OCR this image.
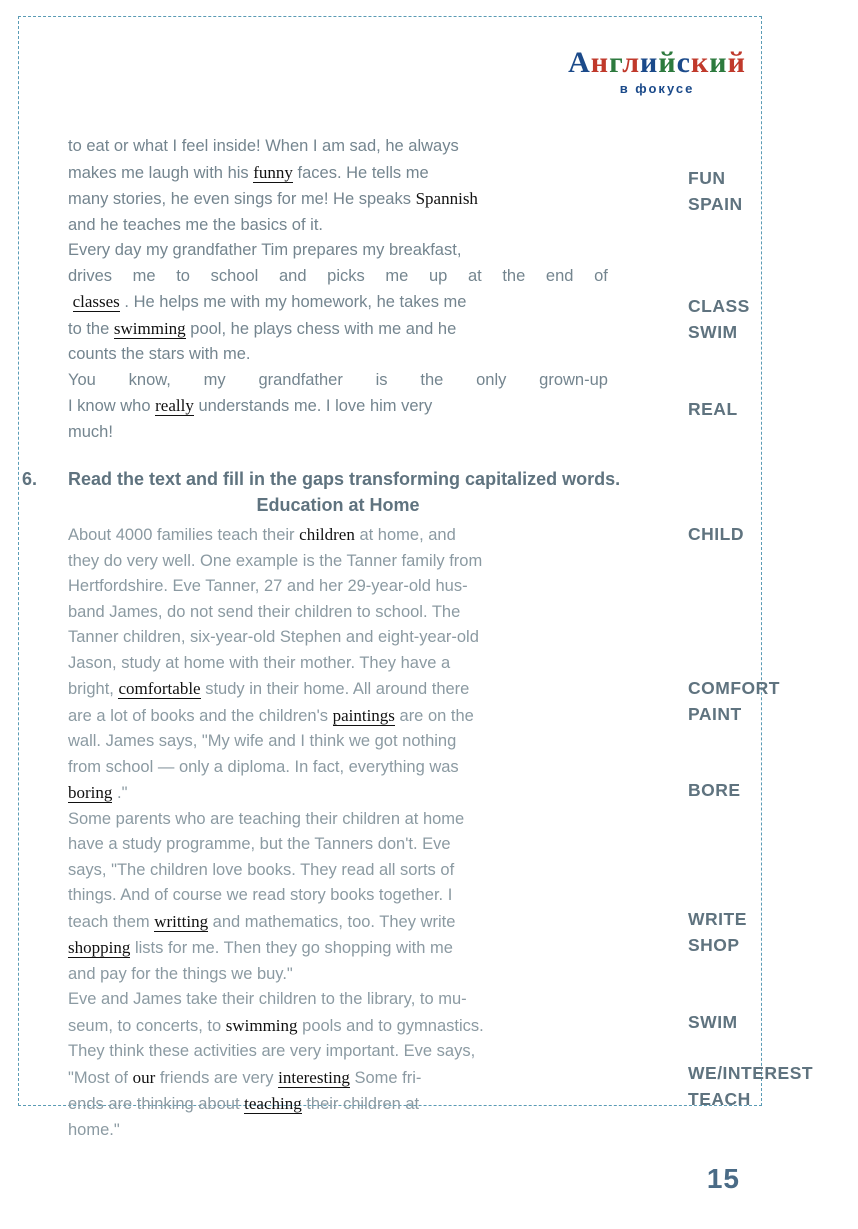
Английский
в фокусе
to eat or what I feel inside! When I am sad, he always
makes me laugh with his funny faces. He tells me
many stories, he even sings for me! He speaks Spannish
and he teaches me the basics of it.
Every day my grandfather Tim prepares my breakfast,
drives me to school and picks me up at the end of
classes . He helps me with my homework, he takes me
to the swimming pool, he plays chess with me and he
counts the stars with me.
You know, my grandfather is the only grown-up
I know who really understands me. I love him very
much!
FUN
SPAIN
CLASS
SWIM
REAL
6. Read the text and fill in the gaps transforming capitalized words.
Education at Home
About 4000 families teach their children at home, and
they do very well. One example is the Tanner family from
Hertfordshire. Eve Tanner, 27 and her 29-year-old hus-
band James, do not send their children to school. The
Tanner children, six-year-old Stephen and eight-year-old
Jason, study at home with their mother. They have a
bright, comfortable study in their home. All around there
are a lot of books and the children's paintings are on the
wall. James says, "My wife and I think we got nothing
from school — only a diploma. In fact, everything was
boring ."
Some parents who are teaching their children at home
have a study programme, but the Tanners don't. Eve
says, "The children love books. They read all sorts of
things. And of course we read story books together. I
teach them writting and mathematics, too. They write
shopping lists for me. Then they go shopping with me
and pay for the things we buy."
Eve and James take their children to the library, to mu-
seum, to concerts, to swimming pools and to gymnastics.
They think these activities are very important. Eve says,
"Most of our friends are very interesting Some fri-
ends are thinking about teaching their children at
home."
CHILD
COMFORT
PAINT
BORE
WRITE
SHOP
SWIM
WE/INTEREST
TEACH
15
